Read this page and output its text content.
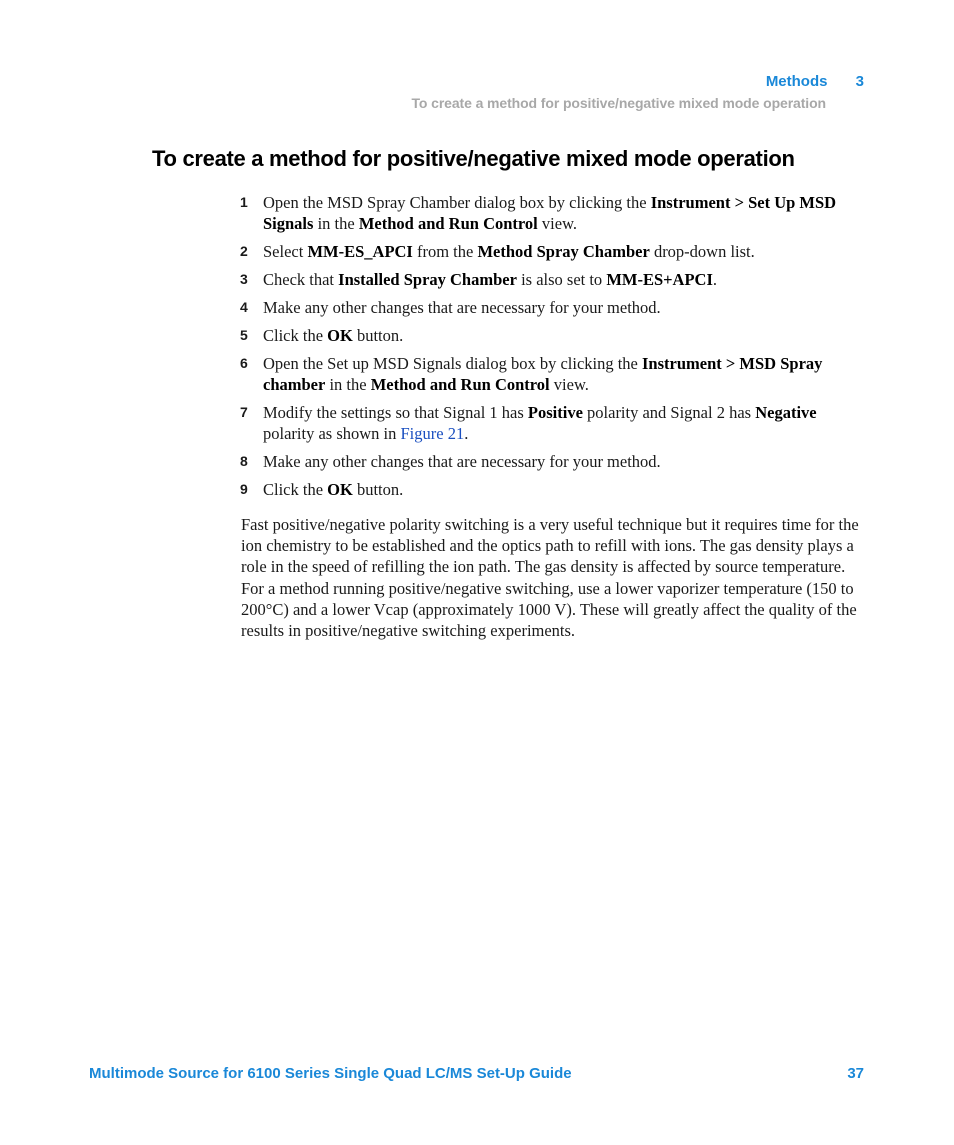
Methods 3
To create a method for positive/negative mixed mode operation
To create a method for positive/negative mixed mode operation
1 Open the MSD Spray Chamber dialog box by clicking the Instrument > Set Up MSD Signals in the Method and Run Control view.
2 Select MM-ES_APCI from the Method Spray Chamber drop-down list.
3 Check that Installed Spray Chamber is also set to MM-ES+APCI.
4 Make any other changes that are necessary for your method.
5 Click the OK button.
6 Open the Set up MSD Signals dialog box by clicking the Instrument > MSD Spray chamber in the Method and Run Control view.
7 Modify the settings so that Signal 1 has Positive polarity and Signal 2 has Negative polarity as shown in Figure 21.
8 Make any other changes that are necessary for your method.
9 Click the OK button.

Fast positive/negative polarity switching is a very useful technique but it requires time for the ion chemistry to be established and the optics path to refill with ions. The gas density plays a role in the speed of refilling the ion path. The gas density is affected by source temperature. For a method running positive/negative switching, use a lower vaporizer temperature (150 to 200°C) and a lower Vcap (approximately 1000 V). These will greatly affect the quality of the results in positive/negative switching experiments.

Multimode Source for 6100 Series Single Quad LC/MS Set-Up Guide	37
